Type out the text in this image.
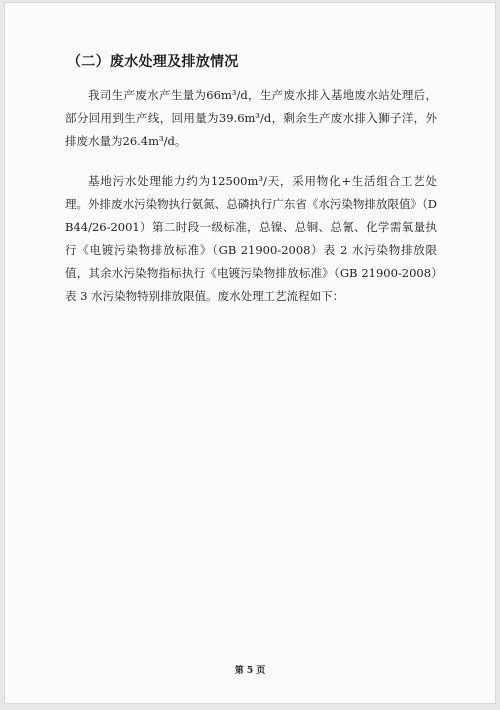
（二）废水处理及排放情况

我司生产废水产生量为66m³/d，生产废水排入基地废水站处理后，部分回用到生产线，回用量为39.6m³/d，剩余生产废水排入狮子洋，外排废水量为26.4m³/d。

基地污水处理能力约为12500m³/天，采用物化+生活组合工艺处理。外排废水污染物执行氨氮、总磷执行广东省《水污染物排放限值》（DB44/26-2001）第二时段一级标准，总镍、总铜、总氰、化学需氧量执行《电镀污染物排放标准》（GB 21900-2008）表 2 水污染物排放限值，其余水污染物指标执行《电镀污染物排放标准》（GB 21900-2008）表 3 水污染物特别排放限值。废水处理工艺流程如下：

第 5 页
